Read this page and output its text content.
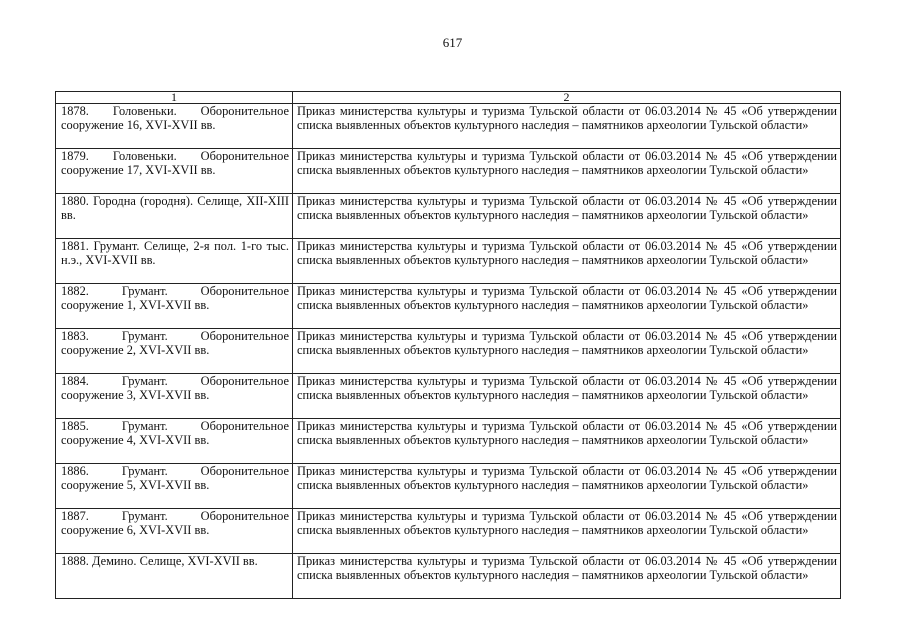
617
1	2

1878. Головеньки. Оборонительное сооружение 16, XVI-XVII вв.	Приказ министерства культуры и туризма Тульской области от 06.03.2014 № 45 «Об утверждении списка выявленных объектов культурного наследия – памятников археологии Тульской области»

1879. Головеньки. Оборонительное сооружение 17, XVI-XVII вв.	Приказ министерства культуры и туризма Тульской области от 06.03.2014 № 45 «Об утверждении списка выявленных объектов культурного наследия – памятников археологии Тульской области»

1880. Городна (городня). Селище, XII-XIII вв.	Приказ министерства культуры и туризма Тульской области от 06.03.2014 № 45 «Об утверждении списка выявленных объектов культурного наследия – памятников археологии Тульской области»

1881. Грумант. Селище, 2-я пол. 1-го тыс. н.э., XVI-XVII вв.	Приказ министерства культуры и туризма Тульской области от 06.03.2014 № 45 «Об утверждении списка выявленных объектов культурного наследия – памятников археологии Тульской области»

1882. Грумант. Оборонительное сооружение 1, XVI-XVII вв.	Приказ министерства культуры и туризма Тульской области от 06.03.2014 № 45 «Об утверждении списка выявленных объектов культурного наследия – памятников археологии Тульской области»

1883. Грумант. Оборонительное сооружение 2, XVI-XVII вв.	Приказ министерства культуры и туризма Тульской области от 06.03.2014 № 45 «Об утверждении списка выявленных объектов культурного наследия – памятников археологии Тульской области»

1884. Грумант. Оборонительное сооружение 3, XVI-XVII вв.	Приказ министерства культуры и туризма Тульской области от 06.03.2014 № 45 «Об утверждении списка выявленных объектов культурного наследия – памятников археологии Тульской области»

1885. Грумант. Оборонительное сооружение 4, XVI-XVII вв.	Приказ министерства культуры и туризма Тульской области от 06.03.2014 № 45 «Об утверждении списка выявленных объектов культурного наследия – памятников археологии Тульской области»

1886. Грумант. Оборонительное сооружение 5, XVI-XVII вв.	Приказ министерства культуры и туризма Тульской области от 06.03.2014 № 45 «Об утверждении списка выявленных объектов культурного наследия – памятников археологии Тульской области»

1887. Грумант. Оборонительное сооружение 6, XVI-XVII вв.	Приказ министерства культуры и туризма Тульской области от 06.03.2014 № 45 «Об утверждении списка выявленных объектов культурного наследия – памятников археологии Тульской области»

1888. Демино. Селище, XVI-XVII вв.	Приказ министерства культуры и туризма Тульской области от 06.03.2014 № 45 «Об утверждении списка выявленных объектов культурного наследия – памятников археологии Тульской области»
